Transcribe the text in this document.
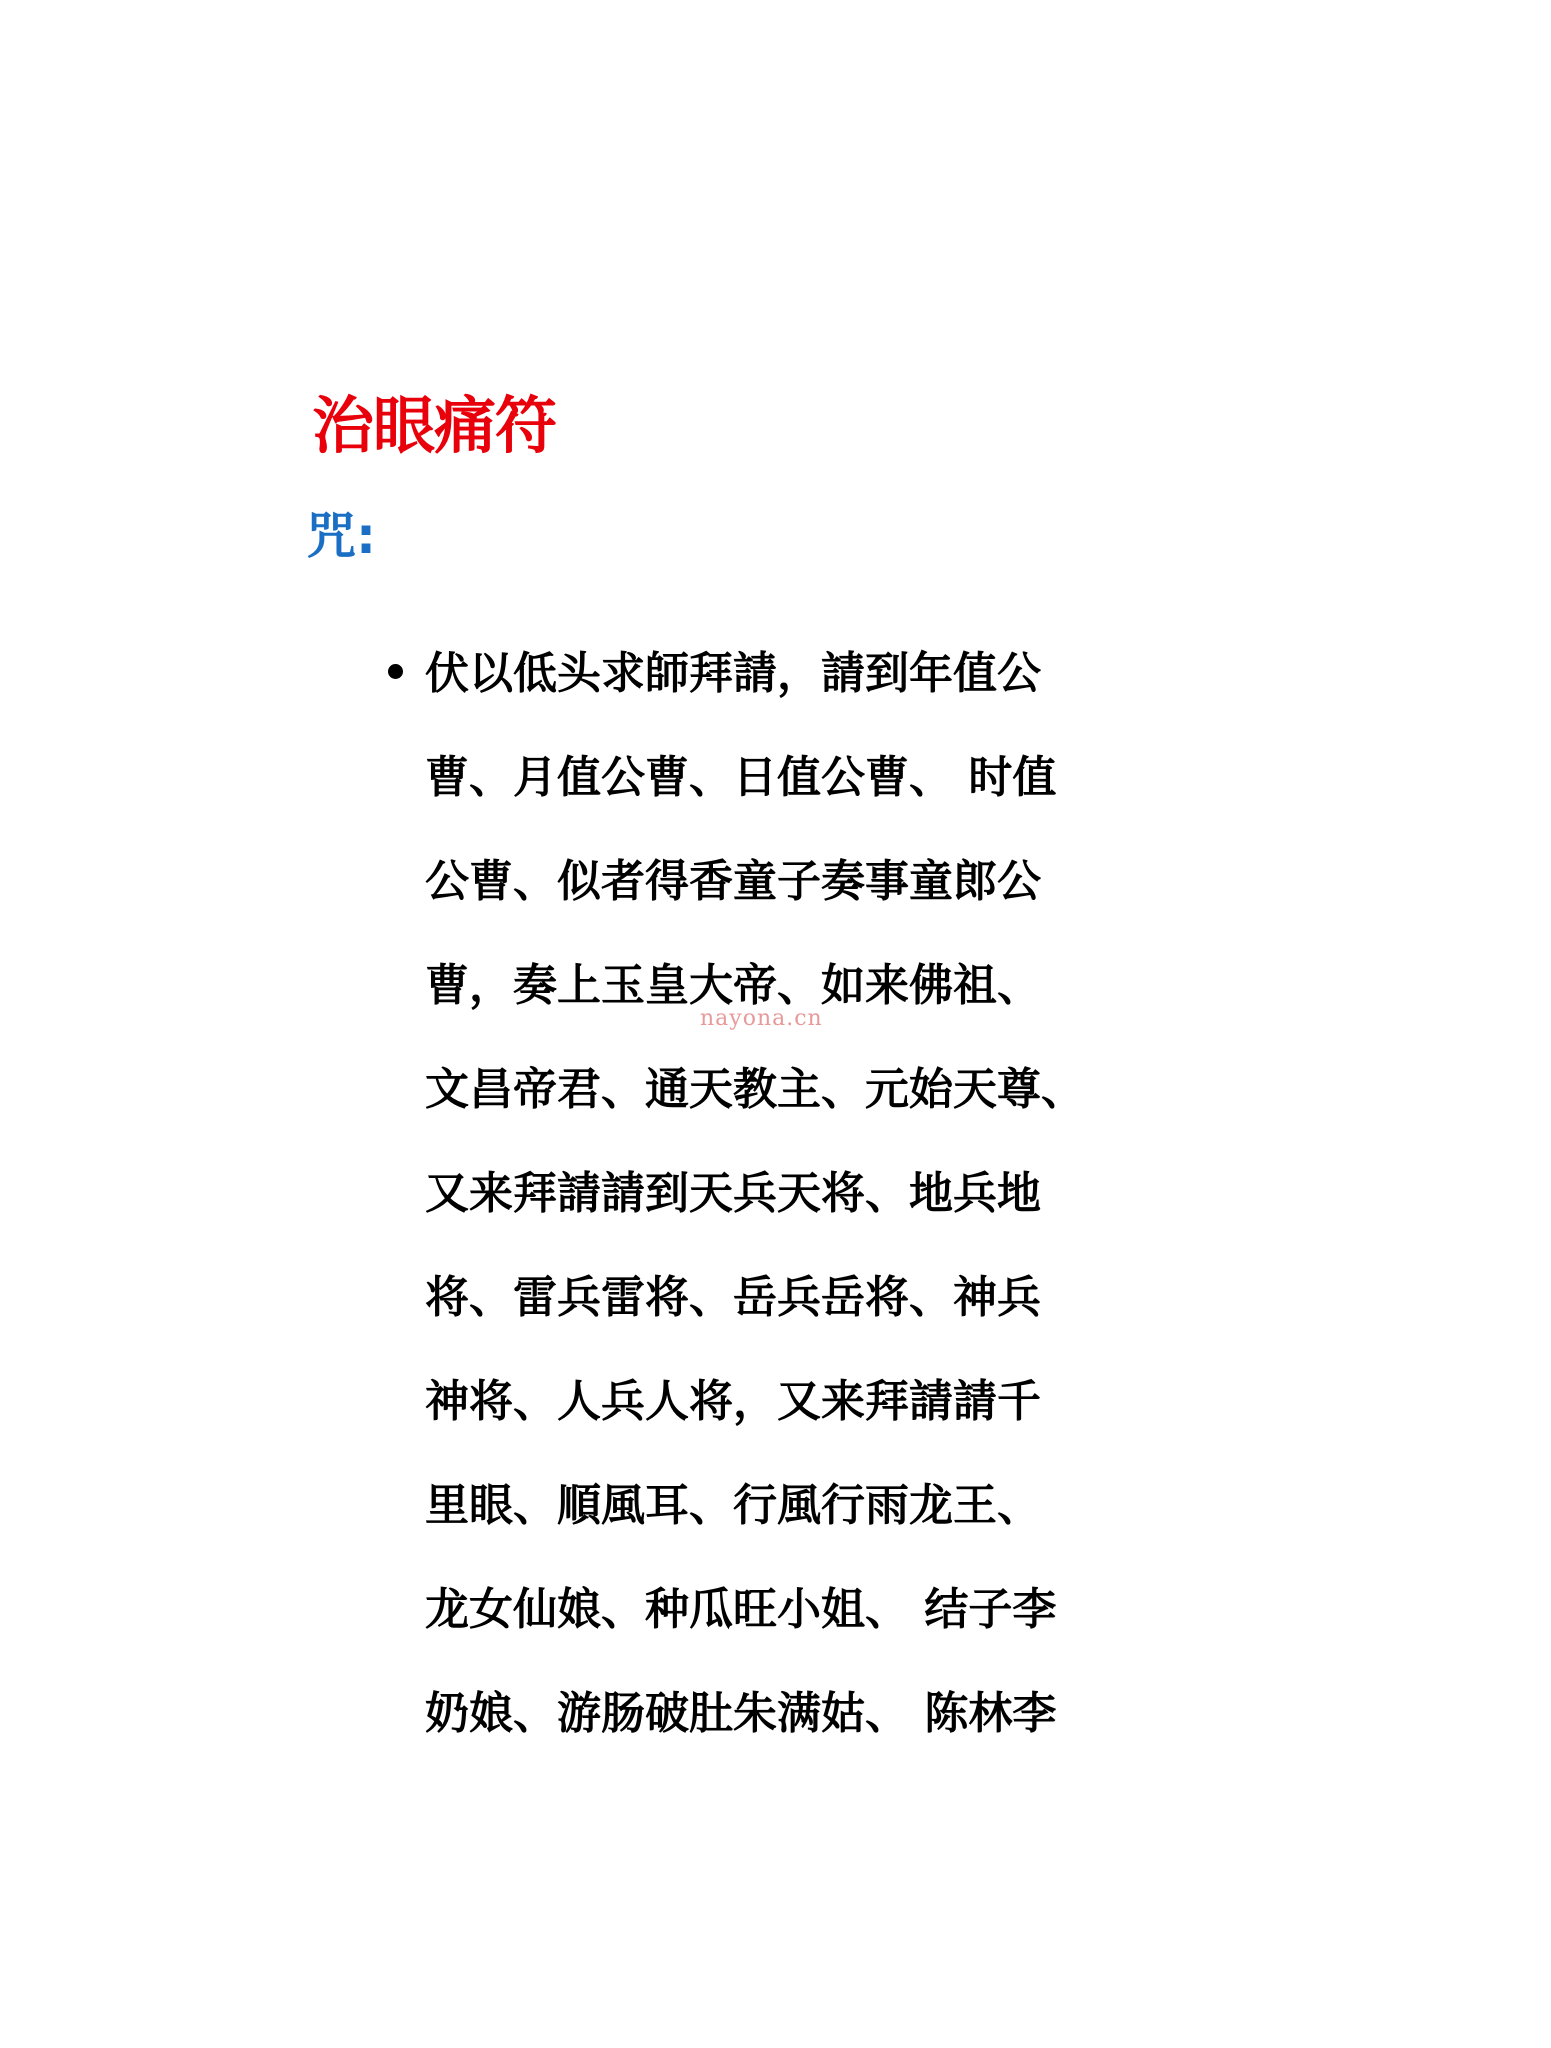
治眼痛符
咒:
伏以低头求師拜請，請到年值公
曹、月值公曹、日值公曹、 时值
公曹、似者得香童子奏事童郎公
曹，奏上玉皇大帝、如来佛祖、
文昌帝君、通天教主、元始天尊、
又来拜請請到天兵天将、地兵地
将、雷兵雷将、岳兵岳将、神兵
神将、人兵人将，又来拜請請千
里眼、順風耳、行風行雨龙王、
龙女仙娘、种瓜旺小姐、 结子李
奶娘、游肠破肚朱满姑、 陈林李
nayona.cn
